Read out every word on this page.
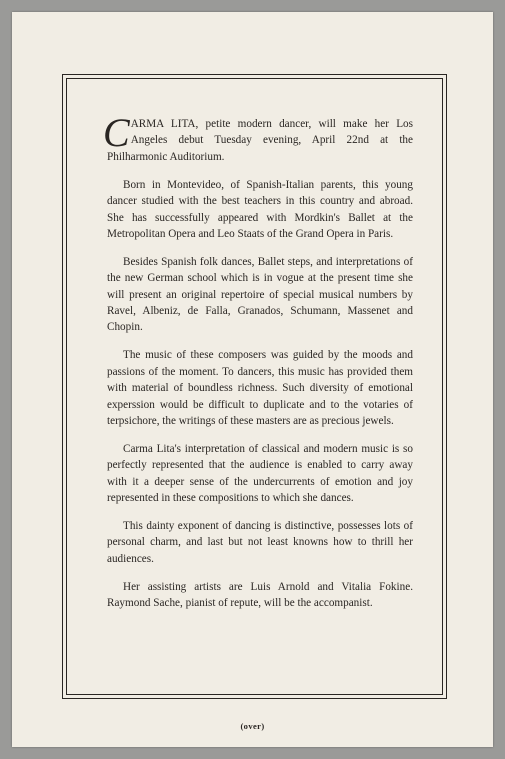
CARMA LITA, petite modern dancer, will make her Los Angeles debut Tuesday evening, April 22nd at the Philharmonic Auditorium.

Born in Montevideo, of Spanish-Italian parents, this young dancer studied with the best teachers in this country and abroad. She has successfully appeared with Mordkin's Ballet at the Metropolitan Opera and Leo Staats of the Grand Opera in Paris.

Besides Spanish folk dances, Ballet steps, and interpretations of the new German school which is in vogue at the present time she will present an original repertoire of special musical numbers by Ravel, Albeniz, de Falla, Granados, Schumann, Massenet and Chopin.

The music of these composers was guided by the moods and passions of the moment. To dancers, this music has provided them with material of boundless richness. Such diversity of emotional experssion would be difficult to duplicate and to the votaries of terpsichore, the writings of these masters are as precious jewels.

Carma Lita's interpretation of classical and modern music is so perfectly represented that the audience is enabled to carry away with it a deeper sense of the undercurrents of emotion and joy represented in these compositions to which she dances.

This dainty exponent of dancing is distinctive, possesses lots of personal charm, and last but not least knowns how to thrill her audiences.

Her assisting artists are Luis Arnold and Vitalia Fokine. Raymond Sache, pianist of repute, will be the accompanist.

(over)
